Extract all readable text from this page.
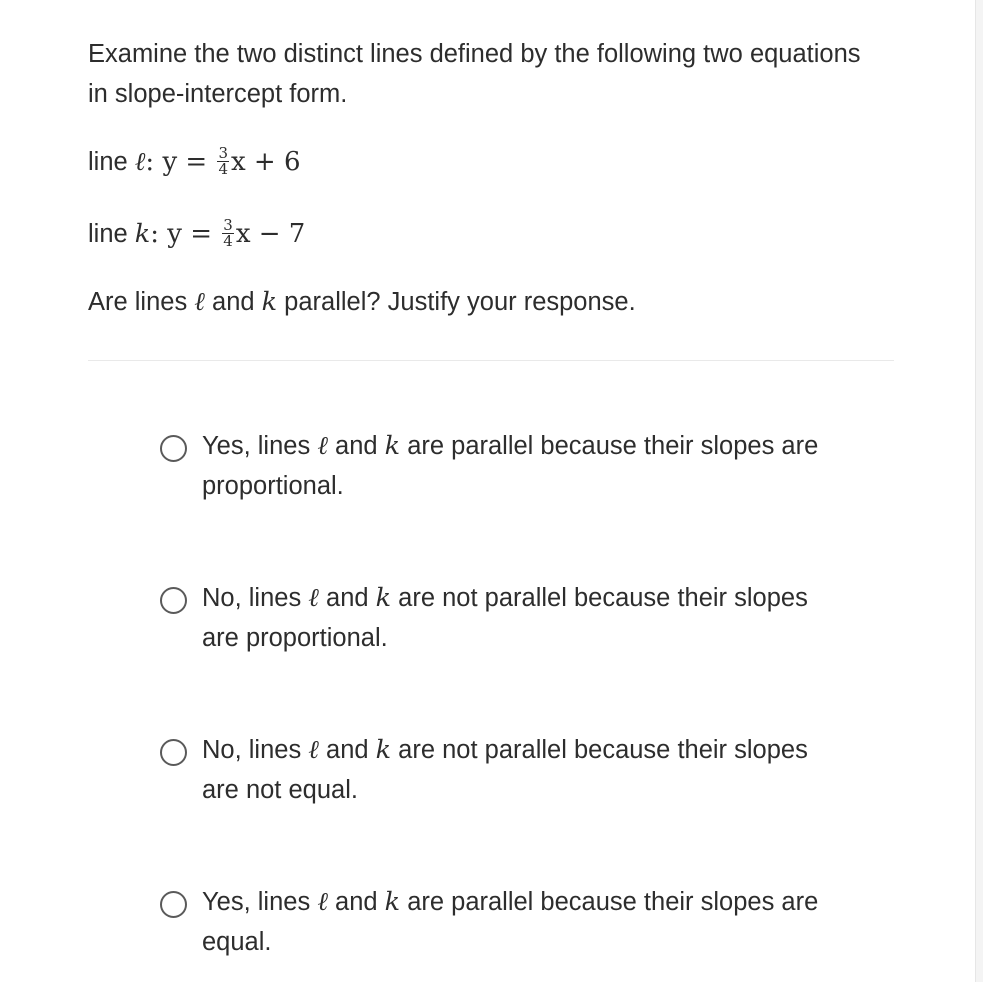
Examine the two distinct lines defined by the following two equations in slope-intercept form.

line ℓ: $y = \frac{3}{4}$ x + 6

line k: $y = \frac{3}{4}$ x − 7

Are lines ℓ and k parallel? Justify your response.

Yes, lines ℓ and k are parallel because their slopes are proportional.

No, lines ℓ and k are not parallel because their slopes are proportional.

No, lines ℓ and k are not parallel because their slopes are not equal.

Yes, lines ℓ and k are parallel because their slopes are equal.
